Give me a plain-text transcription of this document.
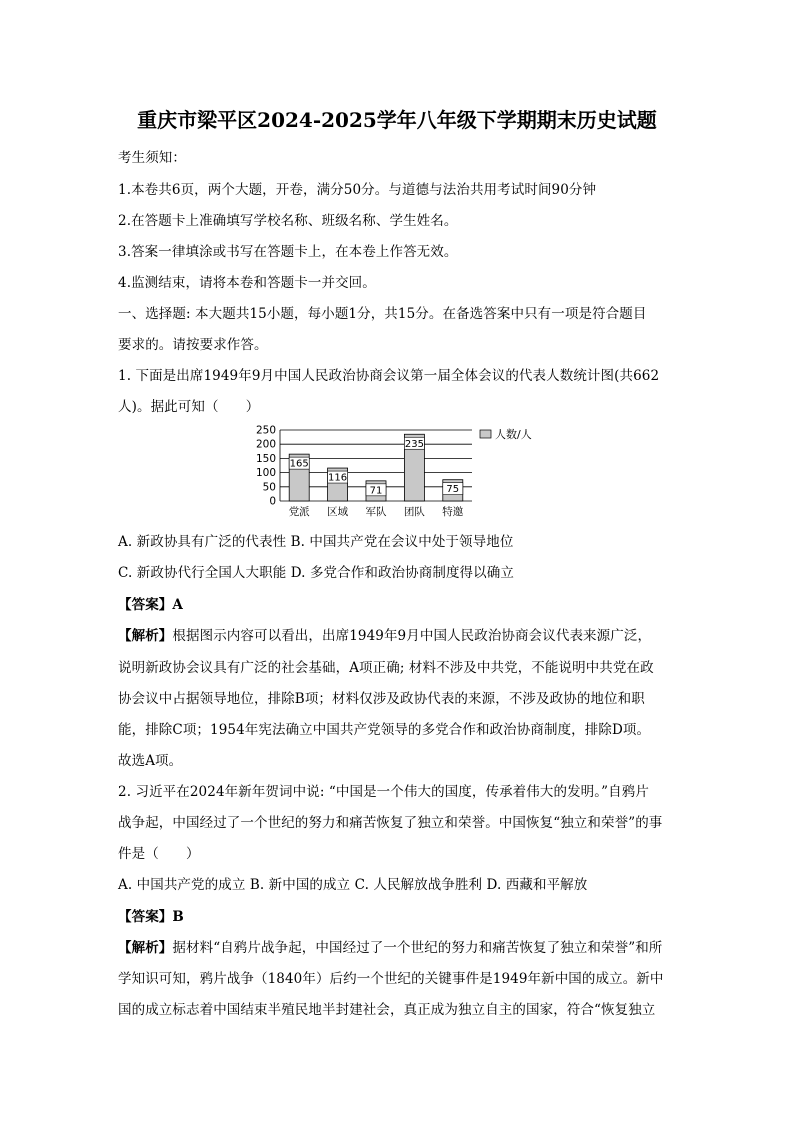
重庆市梁平区2024-2025学年八年级下学期期末历史试题
考生须知：
1.本卷共6页，两个大题，开卷，满分50分。与道德与法治共用考试时间90分钟
2.在答题卡上准确填写学校名称、班级名称、学生姓名。
3.答案一律填涂或书写在答题卡上，在本卷上作答无效。
4.监测结束，请将本卷和答题卡一并交回。
一、选择题: 本大题共15小题，每小题1分，共15分。在备选答案中只有一项是符合题目
要求的。请按要求作答。
1. 下面是出席1949年9月中国人民政治协商会议第一届全体会议的代表人数统计图(共662
人)。据此可知（　　）
250
200
150
100
50
0
165
党派
116
区域
71
军队
235
团队
75
特邀
人数/人
A. 新政协具有广泛的代表性 B. 中国共产党在会议中处于领导地位
C. 新政协代行全国人大职能 D. 多党合作和政治协商制度得以确立
【答案】A
【解析】根据图示内容可以看出，出席1949年9月中国人民政治协商会议代表来源广泛，
说明新政协会议具有广泛的社会基础，A项正确; 材料不涉及中共党，不能说明中共党在政
协会议中占据领导地位，排除B项；材料仅涉及政协代表的来源，不涉及政协的地位和职
能，排除C项；1954年宪法确立中国共产党领导的多党合作和政治协商制度，排除D项。
故选A项。
2. 习近平在2024年新年贺词中说: “中国是一个伟大的国度，传承着伟大的发明。”自鸦片
战争起，中国经过了一个世纪的努力和痛苦恢复了独立和荣誉。中国恢复“独立和荣誉”的事
件是（　　）
A. 中国共产党的成立 B. 新中国的成立 C. 人民解放战争胜利 D. 西藏和平解放
【答案】B
【解析】据材料“自鸦片战争起，中国经过了一个世纪的努力和痛苦恢复了独立和荣誉”和所
学知识可知，鸦片战争（1840年）后约一个世纪的关键事件是1949年新中国的成立。新中
国的成立标志着中国结束半殖民地半封建社会，真正成为独立自主的国家，符合“恢复独立
